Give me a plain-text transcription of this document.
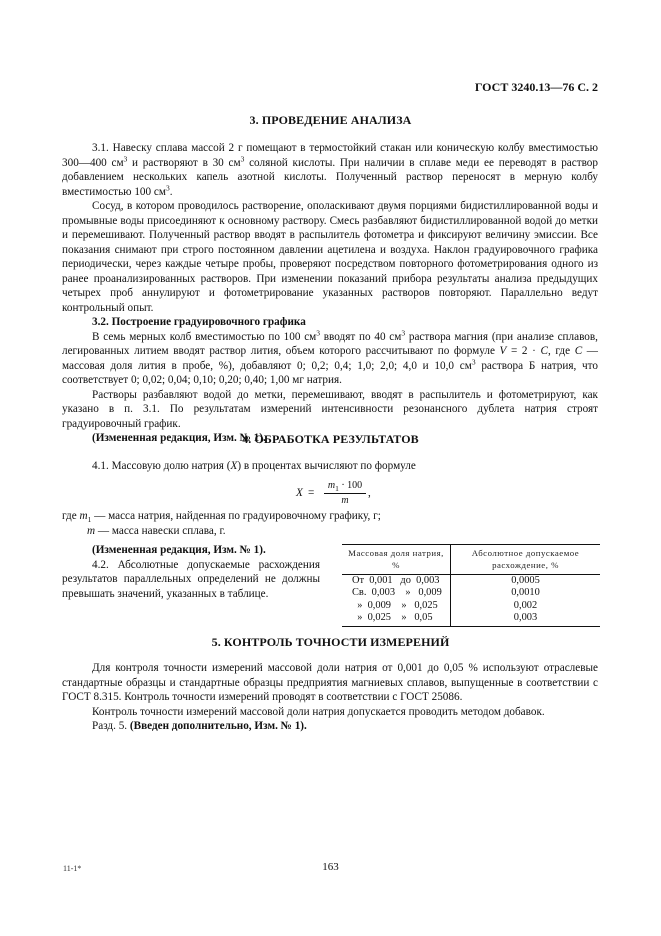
ГОСТ 3240.13—76 С. 2
3. ПРОВЕДЕНИЕ АНАЛИЗА

3.1. Навеску сплава массой 2 г помещают в термостойкий стакан или коническую колбу вместимостью 300—400 $см^3$ и растворяют в 30 $см^3$ соляной кислоты. При наличии в сплаве меди ее переводят в раствор добавлением нескольких капель азотной кислоты. Полученный раствор переносят в мерную колбу вместимостью 100 $см^3$.

Сосуд, в котором проводилось растворение, ополаскивают двумя порциями бидистиллированной воды и промывные воды присоединяют к основному раствору. Смесь разбавляют бидистиллированной водой до метки и перемешивают. Полученный раствор вводят в распылитель фотометра и фиксируют величину эмиссии. Все показания снимают при строго постоянном давлении ацетилена и воздуха. Наклон градуировочного графика периодически, через каждые четыре пробы, проверяют посредством повторного фотометрирования одного из ранее проанализированных растворов. При изменении показаний прибора результаты анализа предыдущих четырех проб аннулируют и фотометрирование указанных растворов повторяют. Параллельно ведут контрольный опыт.

3.2. Построение градуировочного графика

В семь мерных колб вместимостью по 100 $см^3$ вводят по 40 $см^3$ раствора магния (при анализе сплавов, легированных литием вводят раствор лития, объем которого рассчитывают по формуле V = 2 · C, где C — массовая доля лития в пробе, %), добавляют 0; 0,2; 0,4; 1,0; 2,0; 4,0 и 10,0 $см^3$ раствора Б натрия, что соответствует 0; 0,02; 0,04; 0,10; 0,20; 0,40; 1,00 мг натрия.

Растворы разбавляют водой до метки, перемешивают, вводят в распылитель и фотометрируют, как указано в п. 3.1. По результатам измерений интенсивности резонансного дублета натрия строят градуировочный график.

(Измененная редакция, Изм. № 1).

4. ОБРАБОТКА РЕЗУЛЬТАТОВ

4.1. Массовую долю натрия (X) в процентах вычисляют по формуле

X =
$m_1 \cdot 100$
m
,

где $m_1$ — масса натрия, найденная по градуировочному графику, г;

m — масса навески сплава, г.

(Измененная редакция, Изм. № 1).

4.2. Абсолютные допускаемые расхождения результатов параллельных определений не должны превышать значений, указанных в таблице.

Массовая доля натрия, %	Абсолютное допускаемое расхождение, %
От  0,001   до  0,003	0,0005
Св.  0,003    »   0,009	0,0010
»  0,009    »   0,025	0,002
»  0,025    »   0,05	0,003
5. КОНТРОЛЬ ТОЧНОСТИ ИЗМЕРЕНИЙ

Для контроля точности измерений массовой доли натрия от 0,001 до 0,05 % используют отраслевые стандартные образцы и стандартные образцы предприятия магниевых сплавов, выпущенные в соответствии с ГОСТ 8.315. Контроль точности измерений проводят в соответствии с ГОСТ 25086.

Контроль точности измерений массовой доли натрия допускается проводить методом добавок.

Разд. 5. (Введен дополнительно, Изм. № 1).

11-1*	163
